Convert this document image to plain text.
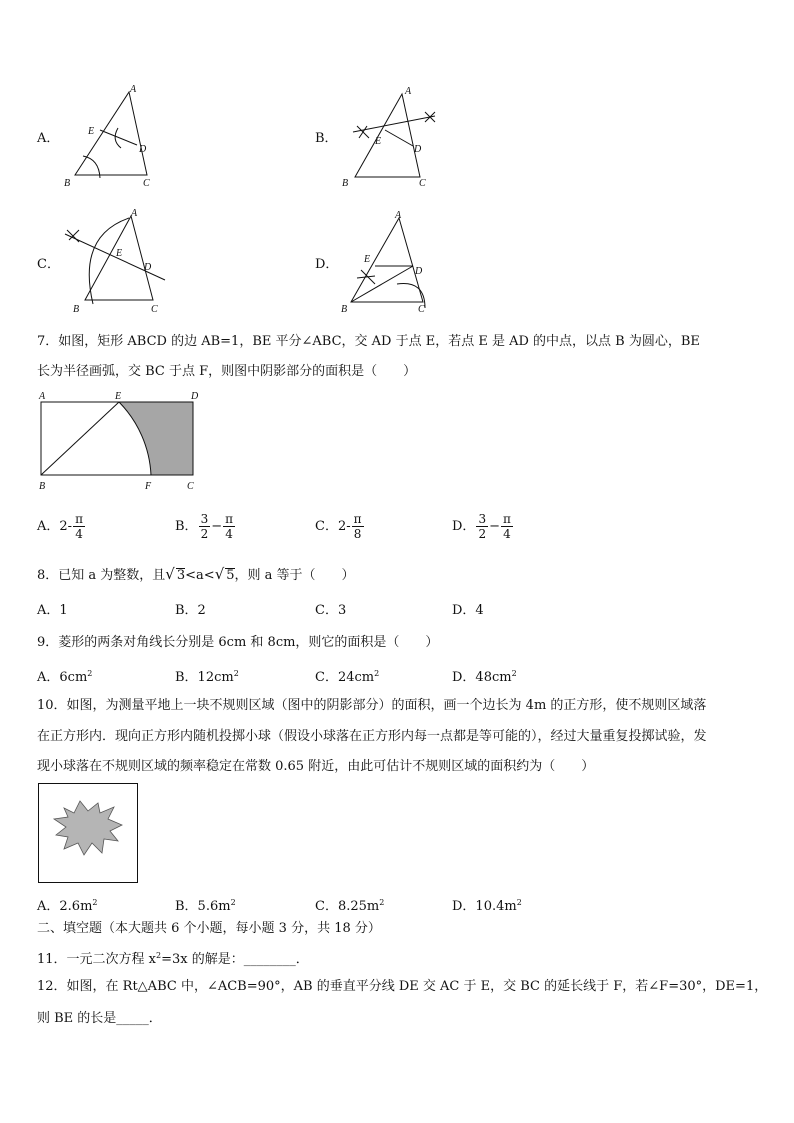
A．
A
E
D
B	C
B．
A
E
D
B	C
C．
A
E
D
B	C
D．
A
E
D
B	C
7．如图，矩形 ABCD 的边 AB=1，BE 平分∠ABC，交 AD 于点 E，若点 E 是 AD 的中点，以点 B 为圆心，BE
长为半径画弧，交 BC 于点 F，则图中阴影部分的面积是（　　）
A	E	D
B	F	C
A．$2- \frac{\pi}{4}$	B． $\frac{3}{2} - \frac{\pi}{4}$	C．$2- \frac{\pi}{8}$	D． $\frac{3}{2} - \frac{\pi}{4}$
8．已知 a 为整数，且√ 3<a<√ 5，则 a 等于（　　）
A．1	B．2	C．3	D．4
9．菱形的两条对角线长分别是 6cm 和 8cm，则它的面积是（　　）
A．$6cm^2$	B．$12cm^2$	C．$24cm^2$	D．$48cm^2$
10．如图，为测量平地上一块不规则区域（图中的阴影部分）的面积，画一个边长为 4m 的正方形，使不规则区域落
在正方形内．现向正方形内随机投掷小球（假设小球落在正方形内每一点都是等可能的），经过大量重复投掷试验，发
现小球落在不规则区域的频率稳定在常数 0.65 附近，由此可估计不规则区域的面积约为（　　）
A．$2.6m^2$	B．$5.6m^2$	C．$8.25m^2$	D．$10.4m^2$
二、填空题（本大题共 6 个小题，每小题 3 分，共 18 分）
11．一元二次方程 $x^2=3x$ 的解是：________．
12．如图，在 Rt△ABC 中，∠ACB=90°，AB 的垂直平分线 DE 交 AC 于 E，交 BC 的延长线于 F，若∠F=30°，DE=1，
则 BE 的长是_____．
